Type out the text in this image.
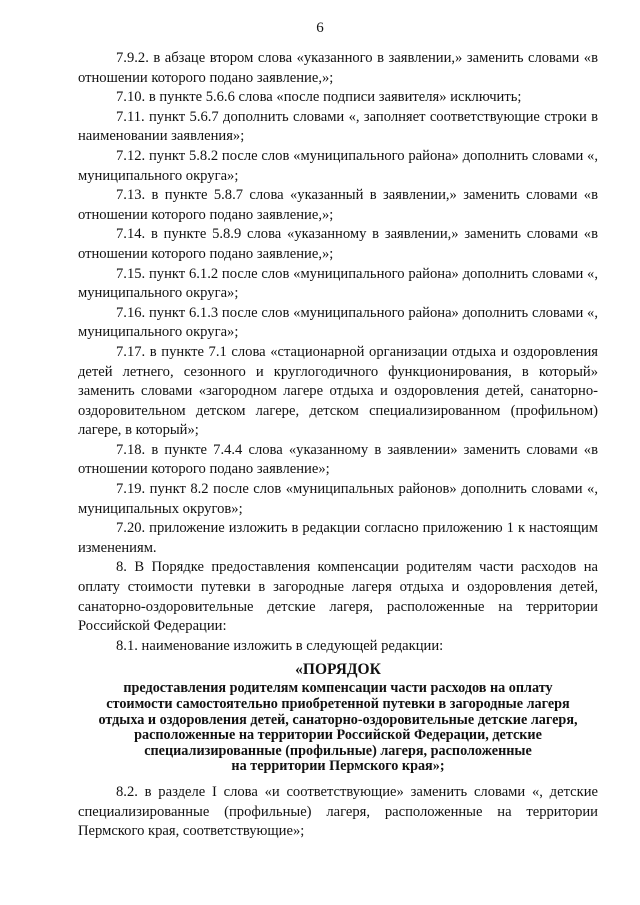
6

7.9.2. в абзаце втором слова «указанного в заявлении,» заменить словами «в отношении которого подано заявление,»;

7.10. в пункте 5.6.6 слова «после подписи заявителя» исключить;

7.11. пункт 5.6.7 дополнить словами «, заполняет соответствующие строки в наименовании заявления»;

7.12. пункт 5.8.2 после слов «муниципального района» дополнить словами «, муниципального округа»;

7.13. в пункте 5.8.7 слова «указанный в заявлении,» заменить словами «в отношении которого подано заявление,»;

7.14. в пункте 5.8.9 слова «указанному в заявлении,» заменить словами «в отношении которого подано заявление,»;

7.15. пункт 6.1.2 после слов «муниципального района» дополнить словами «, муниципального округа»;

7.16. пункт 6.1.3 после слов «муниципального района» дополнить словами «, муниципального округа»;

7.17. в пункте 7.1 слова «стационарной организации отдыха и оздоровления детей летнего, сезонного и круглогодичного функционирования, в который» заменить словами «загородном лагере отдыха и оздоровления детей, санаторно-оздоровительном детском лагере, детском специализированном (профильном) лагере, в который»;

7.18. в пункте 7.4.4 слова «указанному в заявлении» заменить словами «в отношении которого подано заявление»;

7.19. пункт 8.2 после слов «муниципальных районов» дополнить словами «, муниципальных округов»;

7.20. приложение изложить в редакции согласно приложению 1 к настоящим изменениям.

8. В Порядке предоставления компенсации родителям части расходов на оплату стоимости путевки в загородные лагеря отдыха и оздоровления детей, санаторно-оздоровительные детские лагеря, расположенные на территории Российской Федерации:

8.1. наименование изложить в следующей редакции:

«ПОРЯДОК
предоставления родителям компенсации части расходов на оплату
стоимости самостоятельно приобретенной путевки в загородные лагеря
отдыха и оздоровления детей, санаторно-оздоровительные детские лагеря,
расположенные на территории Российской Федерации, детские
специализированные (профильные) лагеря, расположенные
на территории Пермского края»;

8.2. в разделе I слова «и соответствующие» заменить словами «, детские специализированные (профильные) лагеря, расположенные на территории Пермского края, соответствующие»;
